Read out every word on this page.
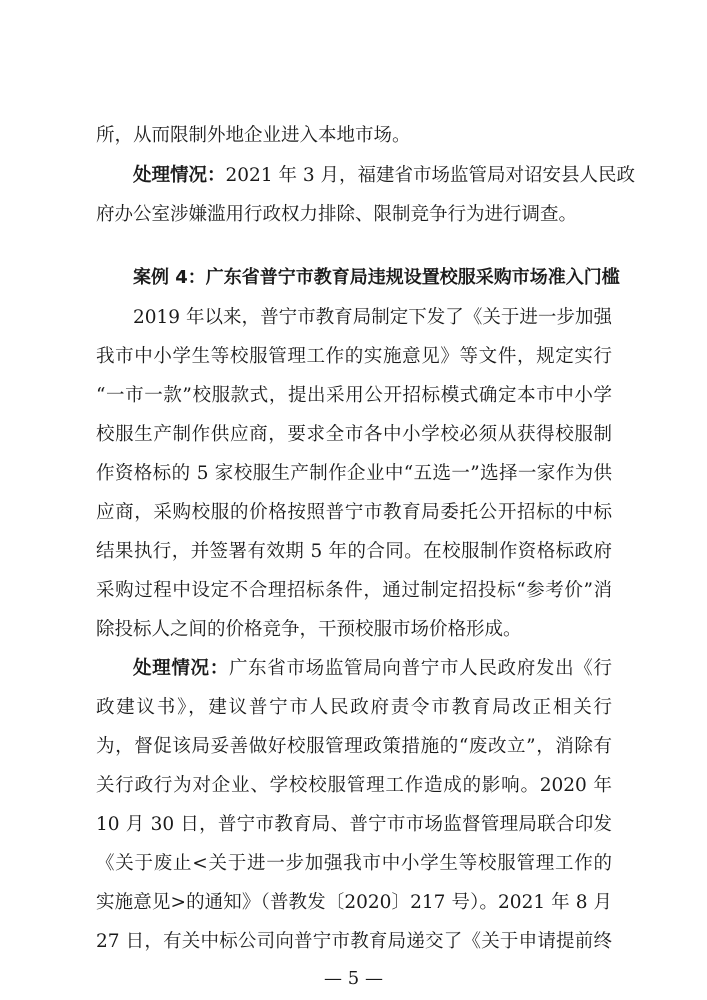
所，从而限制外地企业进入本地市场。
处理情况：2021 年 3 月，福建省市场监管局对诏安县人民政
府办公室涉嫌滥用行政权力排除、限制竞争行为进行调查。
案例 4：广东省普宁市教育局违规设置校服采购市场准入门槛
2019 年以来，普宁市教育局制定下发了《关于进一步加强
我市中小学生等校服管理工作的实施意见》等文件，规定实行
“一市一款”校服款式，提出采用公开招标模式确定本市中小学
校服生产制作供应商，要求全市各中小学校必须从获得校服制
作资格标的 5 家校服生产制作企业中“五选一”选择一家作为供
应商，采购校服的价格按照普宁市教育局委托公开招标的中标
结果执行，并签署有效期 5 年的合同。在校服制作资格标政府
采购过程中设定不合理招标条件，通过制定招投标“参考价”消
除投标人之间的价格竞争，干预校服市场价格形成。
处理情况：广东省市场监管局向普宁市人民政府发出《行
政建议书》，建议普宁市人民政府责令市教育局改正相关行
为，督促该局妥善做好校服管理政策措施的“废改立”，消除有
关行政行为对企业、学校校服管理工作造成的影响。2020 年
10 月 30 日，普宁市教育局、普宁市市场监督管理局联合印发
《关于废止<关于进一步加强我市中小学生等校服管理工作的
实施意见>的通知》（普教发〔2020〕217 号）。2021 年 8 月
27 日，有关中标公司向普宁市教育局递交了《关于申请提前终
— 5 —
